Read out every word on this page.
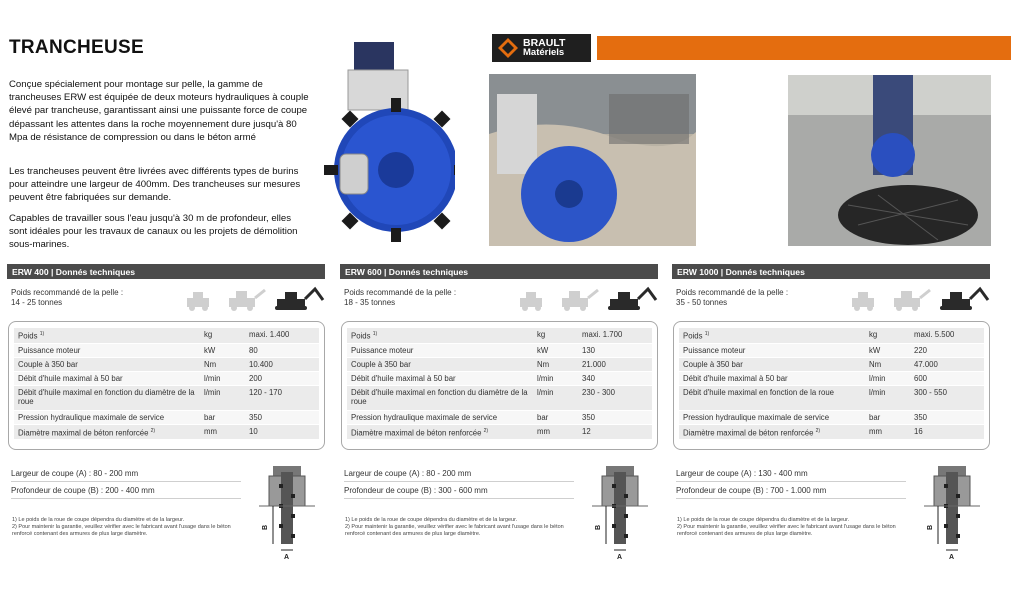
TRANCHEUSE

Conçue spécialement pour montage sur pelle, la gamme de trancheuses ERW est équipée de deux moteurs hydrauliques à couple élevé par trancheuse, garantissant ainsi une puissante force de coupe dépassant les attentes dans la roche moyennement dure jusqu'à 80 Mpa de résistance de compression ou dans le béton armé

Les trancheuses peuvent être livrées avec différents types de burins pour atteindre une largeur de 400mm. Des trancheuses sur mesures peuvent être fabriquées sur demande.

Capables de travailler sous l'eau jusqu'à 30 m de profondeur, elles sont idéales pour les travaux de canaux ou les projets de démolition sous-marines.

BRAULT
Matériels
ERW 400 | Donnés techniques
Poids recommandé de la pelle :
14 - 25 tonnes
Poids $^{1)}$	kg	maxi. 1.400
Puissance moteur	kW	80
Couple à 350 bar	Nm	10.400
Débit d'huile maximal à 50 bar	l/min	200
Débit d'huile maximal en fonction du diamètre de la roue	l/min	120 - 170
Pression hydraulique maximale de service	bar	350
Diamètre maximal de béton renforcée $^{2)}$	mm	10
Largeur de coupe (A) : 80 - 200 mm
Profondeur de coupe (B) : 200 - 400 mm
1) Le poids de la roue de coupe dépendra du diamètre et de la largeur.
2) Pour maintenir la garantie, veuillez vérifier avec le fabricant avant l'usage dans le béton renforcé contenant des armures de plus large diamètre.
B
A
ERW 600 | Donnés techniques
Poids recommandé de la pelle :
18 - 35 tonnes
Poids $^{1)}$	kg	maxi. 1.700
Puissance moteur	kW	130
Couple à 350 bar	Nm	21.000
Débit d'huile maximal à 50 bar	l/min	340
Débit d'huile maximal en fonction du diamètre de la roue	l/min	230 - 300
Pression hydraulique maximale de service	bar	350
Diamètre maximal de béton renforcée $^{2)}$	mm	12
Largeur de coupe (A) : 80 - 200 mm
Profondeur de coupe (B) : 300 - 600 mm
1) Le poids de la roue de coupe dépendra du diamètre et de la largeur.
2) Pour maintenir la garantie, veuillez vérifier avec le fabricant avant l'usage dans le béton renforcé contenant des armures de plus large diamètre.
B
A
ERW 1000 | Donnés techniques
Poids recommandé de la pelle :
35 - 50 tonnes
Poids $^{1)}$	kg	maxi. 5.500
Puissance moteur	kW	220
Couple à 350 bar	Nm	47.000
Débit d'huile maximal à 50 bar	l/min	600
Débit d'huile maximal en fonction de la roue	l/min	300 - 550
Pression hydraulique maximale de service	bar	350
Diamètre maximal de béton renforcée $^{2)}$	mm	16
Largeur de coupe (A) : 130 - 400 mm
Profondeur de coupe (B) : 700 - 1.000 mm
1) Le poids de la roue de coupe dépendra du diamètre et de la largeur.
2) Pour maintenir la garantie, veuillez vérifier avec le fabricant avant l'usage dans le béton renforcé contenant des armures de plus large diamètre.
B
A
